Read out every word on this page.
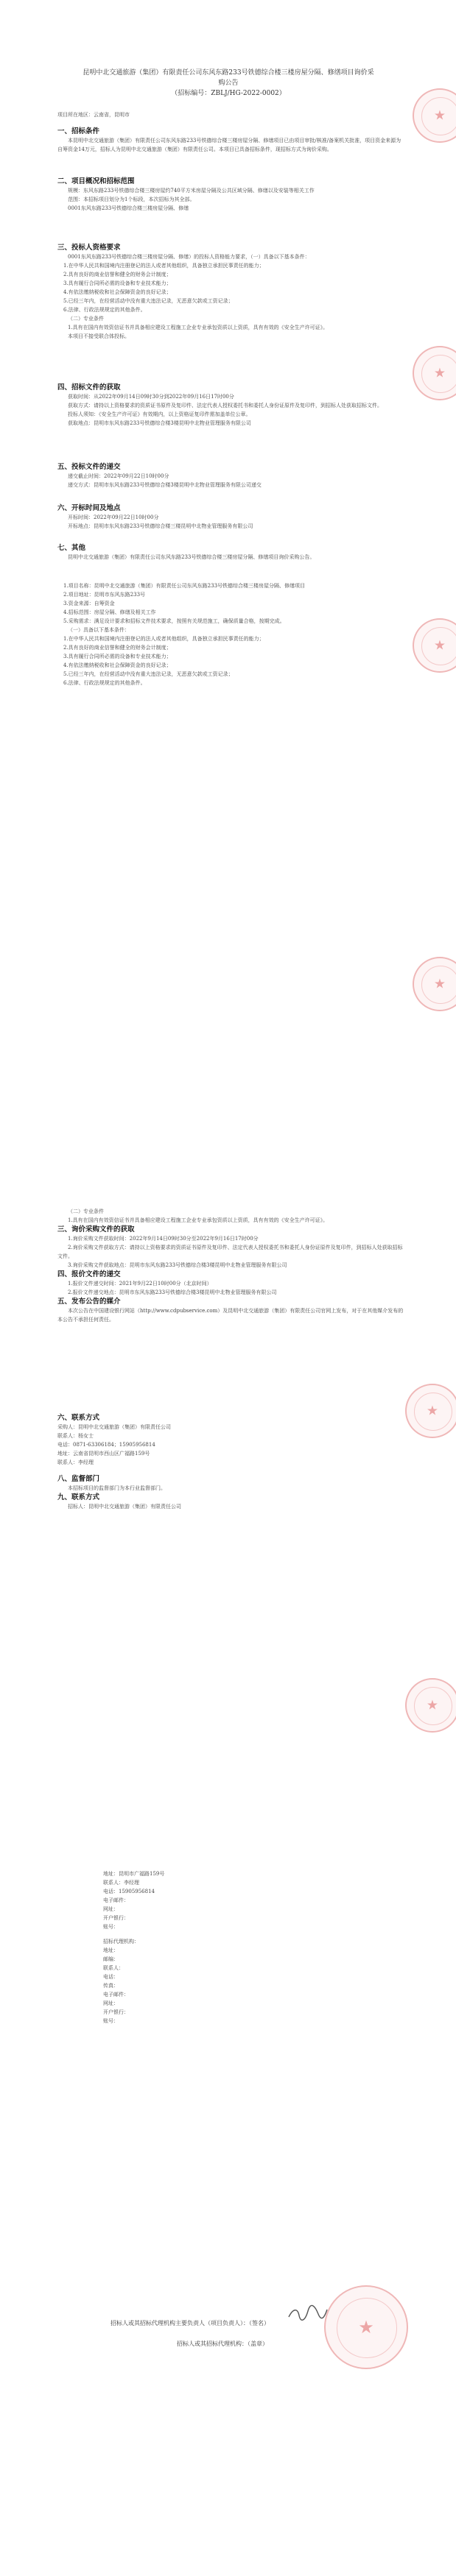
昆明中北交通旅游（集团）有限责任公司东风东路233号铁德综合楼三楼房屋分隔、修缮项目询价采购公告
（招标编号：ZBLJ/HG-2022-0002）

项目所在地区：云南省，昆明市

一、招标条件

本昆明中北交通旅游（集团）有限责任公司东风东路233号铁德综合楼三楼房屋分隔、修缮项目已由项目审批/核准/备案机关批准，项目资金来源为自筹资金14万元，招标人为昆明中北交通旅游（集团）有限责任公司。本项目已具备招标条件，现招标方式为询价采购。

二、项目概况和招标范围

规模：东风东路233号铁德综合楼三楼房屋约740平方米房屋分隔及公共区域分隔、修缮以及安装等相关工作

范围：本招标项目划分为1个标段，本次招标为其全部。

0001东风东路233号铁德综合楼三楼房屋分隔、修缮

三、投标人资格要求

0001东风东路233号铁德综合楼三楼房屋分隔、修缮）的投标人资格能力要求，（一）具备以下基本条件：

1.在中华人民共和国境内注册登记的法人或者其他组织，具备独立承担民事责任的能力；

2.具有良好的商业信誉和健全的财务会计制度；

3.具有履行合同所必需的设备和专业技术能力；

4.有依法缴纳税收和社会保障资金的良好记录；

5.已经三年内，在经营活动中没有重大违法记录，无恶意欠款或工资记录；

6.法律、行政法规规定的其他条件。

（二）专业条件

1.具有在国内有效资信证书并具备相应建设工程施工企业专业承包资质以上资质，具有有效的《安全生产许可证》。

本项目不接受联合体投标。

四、招标文件的获取

获取时间：从2022年09月14日09时30分到2022年09月16日17时00分

获取方式：请持以上资格要求的资质证书原件及复印件、法定代表人授权委托书和委托人身份证原件及复印件，到招标人处获取招标文件。

投标人须知：《安全生产许可证》有效期内，以上资格证复印件需加盖单位公章。

获取地点：昆明市东风东路233号铁德综合楼3楼昆明中北物业管理服务有限公司

五、投标文件的递交

递交截止时间：2022年09月22日10时00分

递交方式：昆明市东风东路233号铁德综合楼3楼昆明中北物业管理服务有限公司递交

六、开标时间及地点

开标时间：2022年09月22日10时00分

开标地点：昆明市东风东路233号铁德综合楼三楼昆明中北物业管理服务有限公司

七、其他

昆明中北交通旅游（集团）有限责任公司东风东路233号铁德综合楼三楼房屋分隔、修缮项目询价采购公告。

1.项目名称：昆明中北交通旅游（集团）有限责任公司东风东路233号铁德综合楼三楼房屋分隔、修缮项目

2.项目地址：昆明市东风东路233号

3.资金来源：自筹资金

4.招标范围：房屋分隔、修缮及相关工作

5.采购需求：满足设计要求和招标文件技术要求，按照有关规范施工，确保质量合格，按期完成。

（一）具备以下基本条件：

1.在中华人民共和国境内注册登记的法人或者其他组织，具备独立承担民事责任的能力；

2.具有良好的商业信誉和健全的财务会计制度；

3.具有履行合同所必需的设备和专业技术能力；

4.有依法缴纳税收和社会保障资金的良好记录；

5.已经三年内，在经营活动中没有重大违法记录，无恶意欠款或工资记录；

6.法律、行政法规规定的其他条件。

（二）专业条件

1.具有在国内有效资信证书并具备相应建设工程施工企业专业承包资质以上资质，具有有效的《安全生产许可证》。

三、询价采购文件的获取

1.询价采购文件获取时间：2022年9月14日09时30分至2022年9月16日17时00分

2.询价采购文件获取方式：请持以上资格要求的资质证书原件及复印件、法定代表人授权委托书和委托人身份证原件及复印件，到招标人处获取招标文件。

3.询价采购文件获取地点：昆明市东风东路233号铁德综合楼3楼昆明中北物业管理服务有限公司

四、报价文件的递交

1.报价文件递交时间：2021年9月22日10时00分（北京时间）

2.报价文件递交地点：昆明市东风东路233号铁德综合楼3楼昆明中北物业管理服务有限公司

五、发布公告的媒介

本次公告在中国建设银行网站（http://www.cdpubservice.com）及昆明中北交通旅游（集团）有限责任公司官网上发布，对于在其他媒介发布的本公告不承担任何责任。

六、联系方式

采购人：昆明中北交通旅游（集团）有限责任公司

联系人：杨女士

电话：0871-63306184；15905956814

地址：云南省昆明市西山区广福路159号

联系人：李经理

八、监督部门

本招标项目的监督部门为本行业监督部门。

九、联系方式

招标人：昆明中北交通旅游（集团）有限责任公司

地址：昆明市广福路159号

联系人：李经理

电话：15905956814

电子邮件：

网址：

开户银行：

账号：

招标代理机构：

地址：

邮编：

联系人：

电话：

传真：

电子邮件：

网址：

开户银行：

账号：

招标人或其招标代理机构主要负责人（项目负责人）：（签名）
招标人或其招标代理机构：（盖章）
★
★
★
★
★
★
★
